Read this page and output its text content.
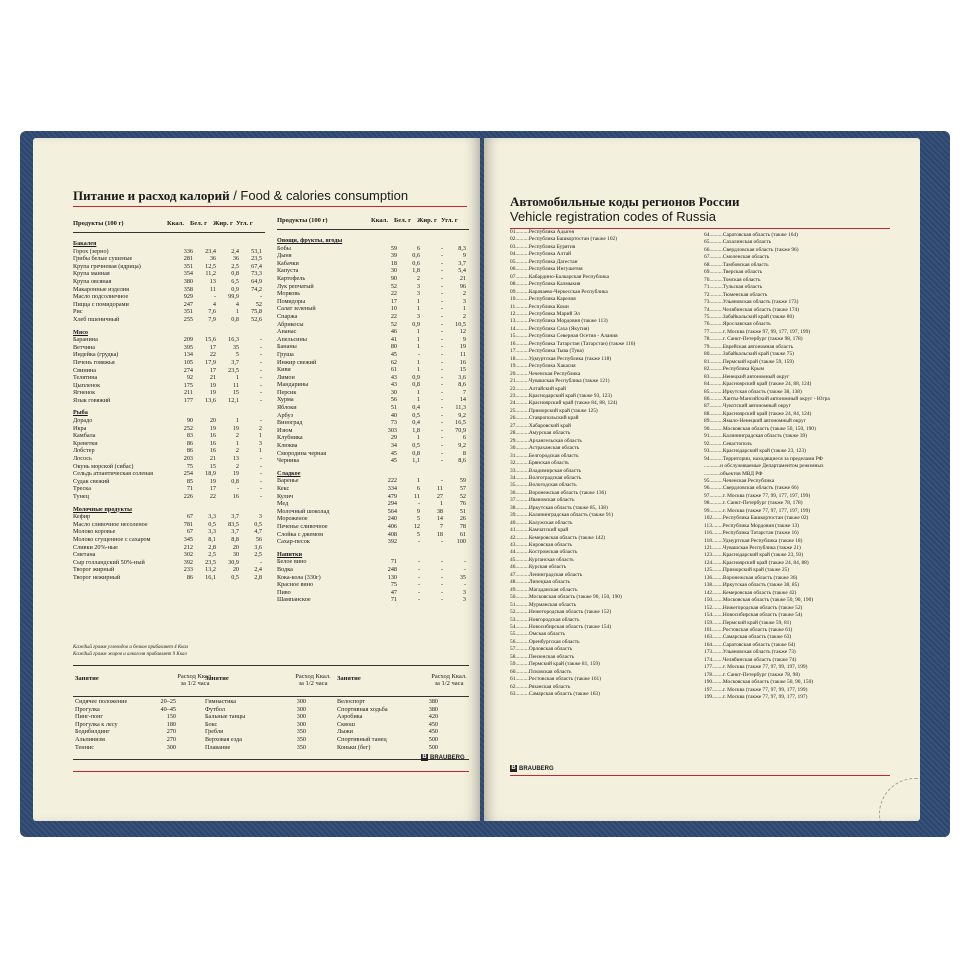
Питание и расход калорий / Food & calories consumption
Продукты (100 г)	Ккал. Бел. г Жир. г Угл. г	Продукты (100 г)	Ккал. Бел. г Жир. г Угл. г
Бакалея
Горох (зерно)	336	23,4	2,4	53,1
Грибы белые сушеные	281	36	36	23,5
Крупа гречневая (ядрица)	351	12,5	2,5	67,4
Крупа манная	354	11,2	0,8	73,3
Крупа овсяная	380	13	6,5	64,9
Макаронные изделия	358	11	0,9	74,2
Масло подсолнечное	929	-	99,9	-
Пицца с помидорами	247	4	4	52
Рис	351	7,6	1	75,8
Хлеб пшеничный	255	7,9	0,8	52,6
Мясо
Баранина	209	15,6	16,3	-
Ветчина	395	17	35	-
Индейка (грудка)	134	22	5	-
Печень говяжья	105	17,9	3,7	-
Свинина	274	17	23,5	-
Телятина	92	21	1	-
Цыпленок	175	19	11	-
Ягненок	211	19	15	-
Язык говяжий	177	13,6	12,1	-
Рыба
Дорадо	90	20	1	-
Икра	252	19	19	2
Камбала	83	16	2	1
Креветки	86	16	1	3
Лобстер	86	16	2	1
Лосось	203	21	13	-
Окунь морской (сибас)	75	15	2	-
Сельдь атлантическая соленая	254	18,9	19	-
Судак свежий	85	19	0,8	-
Треска	71	17	-	-
Тунец	226	22	16	-
Молочные продукты
Кефир	67	3,3	3,7	3
Масло сливочное несоленое	781	0,5	83,5	0,5
Молоко коровье	67	3,3	3,7	4,7
Молоко сгущенное с сахаром	345	8,1	8,8	56
Сливки 20%-ные	212	2,8	20	3,6
Сметана	302	2,5	30	2,5
Сыр голландский 50%-ный	392	23,5	30,9	-
Творог жирный	233	13,2	20	2,4
Творог нежирный	86	16,1	0,5	2,8
Овощи, фрукты, ягоды
Бобы	59	6	-	8,3
Дыня	39	0,6	-	9
Кабачки	18	0,6	-	3,7
Капуста	30	1,8	-	5,4
Картофель	90	2	-	21
Лук репчатый	52	3	-	96
Морковь	22	3	-	2
Помидоры	17	1	-	3
Салат зеленый	10	1	-	1
Спаржа	22	3	-	2
Абрикосы	52	0,9	-	10,5
Ананас	46	1	-	12
Апельсины	41	1	-	9
Бананы	80	1	-	19
Груша	45	-	-	11
Инжир свежий	62	1	-	16
Киви	61	1	-	15
Лимон	43	0,9	-	3,6
Мандарины	43	0,8	-	8,6
Персик	30	1	-	7
Хурма	56	1	-	14
Яблоки	51	0,4	-	11,3
Арбуз	40	0,5	-	9,2
Виноград	73	0,4	-	16,5
Изюм	303	1,8	-	70,9
Клубника	29	1	-	6
Клюква	34	0,5	-	9,2
Смородина черная	45	0,8	-	8
Черника	45	1,1	-	8,6
Сладкое
Варенье	222	1	-	59
Кекс	334	6	11	57
Кулич	479	11	27	52
Мед	294	-	1	76
Молочный шоколад	564	9	38	51
Мороженое	240	5	14	26
Печенье сливочное	406	12	7	78
Слойка с джемом	408	5	18	61
Сахар-песок	392	-	-	100
Напитки
Белое вино	71	-	-	-
Водка	248	-	-	-
Кока-кола (330г)	130	-	-	35
Красное вино	75	-	-	-
Пиво	47	-	-	3
Шампанское	71	-	-	3
Каждый грамм углеводов и белков прибавляет 4 Ккал
Каждый грамм жиров и алкоголя прибавляет 9 Ккал
Занятие	Расход Ккал. за 1/2 часа
Занятие	Расход Ккал. за 1/2 часа
Занятие	Расход Ккал. за 1/2 часа
Сидячее положение	20–25
Прогулка	40–45
Пинг-понг	150
Прогулка к лесу	180
Бодибилдинг	270
Альпинизм	270
Теннис	300
Гимнастика	300
Футбол	300
Бальные танцы	300
Бокс	300
Гребля	350
Верховая езда	350
Плавание	350
Велоспорт	380
Спортивная ходьба	380
Аэробика	420
Сквош	450
Лыжи	450
Спортивный танец	500
Коньки (бег)	500
B BRAUBERG
Автомобильные коды регионов России
Vehicle registration codes of Russia
01..........Республика Адыгея
02..........Республика Башкортостан (также 102)
03..........Республика Бурятия
04..........Республика Алтай
05..........Республика Дагестан
06..........Республика Ингушетия
07..........Кабардино-Балкарская Республика
08..........Республика Калмыкия
09..........Карачаево-Черкесская Республика
10..........Республика Карелия
11..........Республика Коми
12..........Республика Марий Эл
13..........Республика Мордовия (также 113)
14..........Республика Саха (Якутия)
15..........Республика Северная Осетия - Алания
16..........Республика Татарстан (Татарстан) (также 116)
17..........Республика Тыва (Тува)
18..........Удмуртская Республика (также 118)
19..........Республика Хакасия
20..........Чеченская Республика
21..........Чувашская Республика (также 121)
22..........Алтайский край
23..........Краснодарский край (также 93, 123)
24..........Красноярский край (также 84, 88, 124)
25..........Приморский край (также 125)
26..........Ставропольский край
27..........Хабаровский край
28..........Амурская область
29..........Архангельская область
30..........Астраханская область
31..........Белгородская область
32..........Брянская область
33..........Владимирская область
34..........Волгоградская область
35..........Вологодская область
36..........Воронежская область (также 136)
37..........Ивановская область
38..........Иркутская область (также 85, 138)
39..........Калининградская область (также 91)
40..........Калужская область
41..........Камчатский край
42..........Кемеровская область (также 142)
43..........Кировская область
44..........Костромская область
45..........Курганская область
46..........Курская область
47..........Ленинградская область
48..........Липецкая область
49..........Магаданская область
50..........Московская область (также 90, 150, 190)
51..........Мурманская область
52..........Нижегородская область (также 152)
53..........Новгородская область
54..........Новосибирская область (также 154)
55..........Омская область
56..........Оренбургская область
57..........Орловская область
58..........Пензенская область
59..........Пермский край (также 81, 159)
60..........Псковская область
61..........Ростовская область (также 161)
62..........Рязанская область
63..........Самарская область (также 163)
64..........Саратовская область (также 164)
65..........Сахалинская область
66..........Свердловская область (также 96)
67..........Смоленская область
68..........Тамбовская область
69..........Тверская область
70..........Томская область
71..........Тульская область
72..........Тюменская область
73..........Ульяновская область (также 173)
74..........Челябинская область (также 174)
75..........Забайкальский край (также 80)
76..........Ярославская область
77..........г. Москва (также 97, 99, 177, 197, 199)
78..........г. Санкт-Петербург (также 98, 178)
79..........Еврейская автономная область
80..........Забайкальский край (также 75)
81..........Пермский край (также 59, 159)
82..........Республика Крым
83..........Ненецкий автономный округ
84..........Красноярский край (также 24, 88, 124)
85..........Иркутская область (также 38, 138)
86..........Ханты-Мансийский автономный округ - Югра
87..........Чукотский автономный округ
88..........Красноярский край (также 24, 84, 124)
89..........Ямало-Ненецкий автономный округ
90..........Московская область (также 50, 150, 190)
91..........Калининградская область (также 39)
92..........Севастополь
93..........Краснодарский край (также 23, 123)
94..........Территории, находящиеся за пределами РФ
............и обслуживаемые Департаментом режимных
............объектов МВД РФ
95..........Чеченская Республика
96..........Свердловская область (также 66)
97..........г. Москва (также 77, 99, 177, 197, 199)
98..........г. Санкт-Петербург (также 78, 178)
99..........г. Москва (также 77, 97, 177, 197, 199)
102........Республика Башкортостан (также 02)
113........Республика Мордовия (также 13)
116........Республика Татарстан (также 16)
118........Удмуртская Республика (также 18)
121........Чувашская Республика (также 21)
123........Краснодарский край (также 23, 93)
124........Красноярский край (также 24, 84, 88)
125........Приморский край (также 25)
136........Воронежская область (также 36)
138........Иркутская область (также 38, 85)
142........Кемеровская область (также 42)
150........Московская область (также 50, 90, 190)
152........Нижегородская область (также 52)
154........Новосибирская область (также 54)
159........Пермский край (также 59, 81)
161........Ростовская область (также 61)
163........Самарская область (также 63)
164........Саратовская область (также 64)
173........Ульяновская область (также 73)
174........Челябинская область (также 74)
177........г. Москва (также 77, 97, 99, 197, 199)
178........г. Санкт-Петербург (также 78, 98)
190........Московская область (также 50, 90, 150)
197........г. Москва (также 77, 97, 99, 177, 199)
199........г. Москва (также 77, 97, 99, 177, 197)
B BRAUBERG
